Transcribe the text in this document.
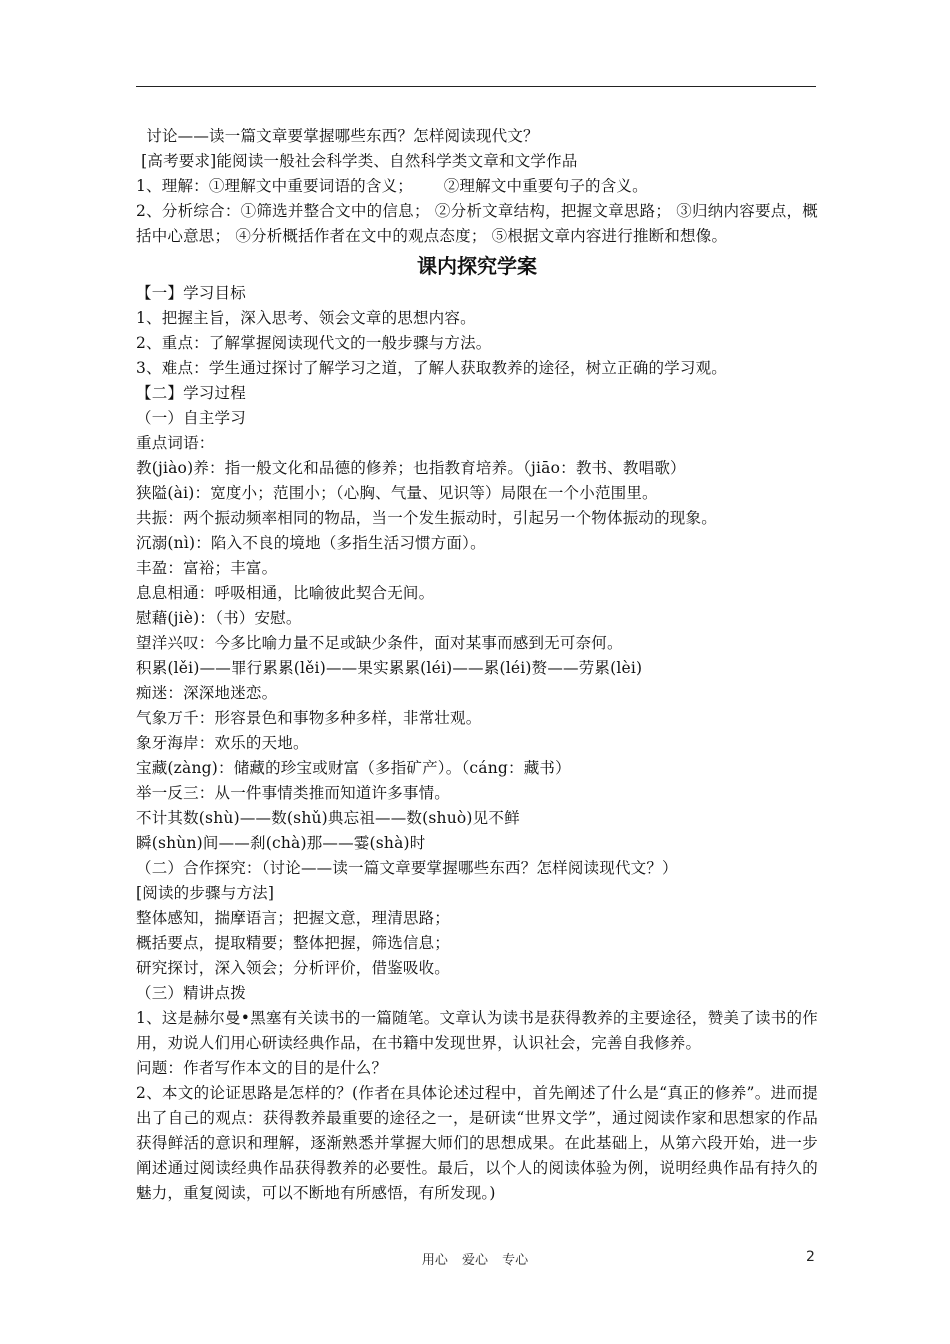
讨论——读一篇文章要掌握哪些东西？怎样阅读现代文？
[高考要求]能阅读一般社会科学类、自然科学类文章和文学作品
1、理解：①理解文中重要词语的含义；      ②理解文中重要句子的含义。
2、分析综合：①筛选并整合文中的信息； ②分析文章结构，把握文章思路； ③归纳内容要点，概括中心意思； ④分析概括作者在文中的观点态度； ⑤根据文章内容进行推断和想像。
课内探究学案
【一】学习目标
1、把握主旨，深入思考、领会文章的思想内容。
2、重点：了解掌握阅读现代文的一般步骤与方法。
3、难点：学生通过探讨了解学习之道，了解人获取教养的途径，树立正确的学习观。
【二】学习过程
（一）自主学习
重点词语：
教(jiào)养：指一般文化和品德的修养；也指教育培养。（jiāo：教书、教唱歌）
狭隘(ài)：宽度小；范围小；（心胸、气量、见识等）局限在一个小范围里。
共振：两个振动频率相同的物品，当一个发生振动时，引起另一个物体振动的现象。
沉溺(nì)：陷入不良的境地（多指生活习惯方面）。
丰盈：富裕；丰富。
息息相通：呼吸相通，比喻彼此契合无间。
慰藉(jiè)：（书）安慰。
望洋兴叹：今多比喻力量不足或缺少条件，面对某事而感到无可奈何。
积累(lěi)——罪行累累(lěi)——果实累累(léi)——累(léi)赘——劳累(lèi)
痴迷：深深地迷恋。
气象万千：形容景色和事物多种多样，非常壮观。
象牙海岸：欢乐的天地。
宝藏(zàng)：储藏的珍宝或财富（多指矿产）。（cáng：藏书）
举一反三：从一件事情类推而知道许多事情。
不计其数(shù)——数(shǔ)典忘祖——数(shuò)见不鲜
瞬(shùn)间——刹(chà)那——霎(shà)时
（二）合作探究：（讨论——读一篇文章要掌握哪些东西？怎样阅读现代文？）
[阅读的步骤与方法]
整体感知，揣摩语言；把握文意，理清思路；
概括要点，提取精要；整体把握，筛选信息；
研究探讨，深入领会；分析评价，借鉴吸收。
（三）精讲点拨
1、这是赫尔曼•黑塞有关读书的一篇随笔。文章认为读书是获得教养的主要途径，赞美了读书的作用，劝说人们用心研读经典作品，在书籍中发现世界，认识社会，完善自我修养。
问题：作者写作本文的目的是什么？
2、本文的论证思路是怎样的？(作者在具体论述过程中，首先阐述了什么是“真正的修养”。进而提出了自己的观点：获得教养最重要的途径之一，是研读“世界文学”，通过阅读作家和思想家的作品获得鲜活的意识和理解，逐渐熟悉并掌握大师们的思想成果。在此基础上，从第六段开始，进一步阐述通过阅读经典作品获得教养的必要性。最后，以个人的阅读体验为例，说明经典作品有持久的魅力，重复阅读，可以不断地有所感悟，有所发现。)
用心 爱心 专心	2
